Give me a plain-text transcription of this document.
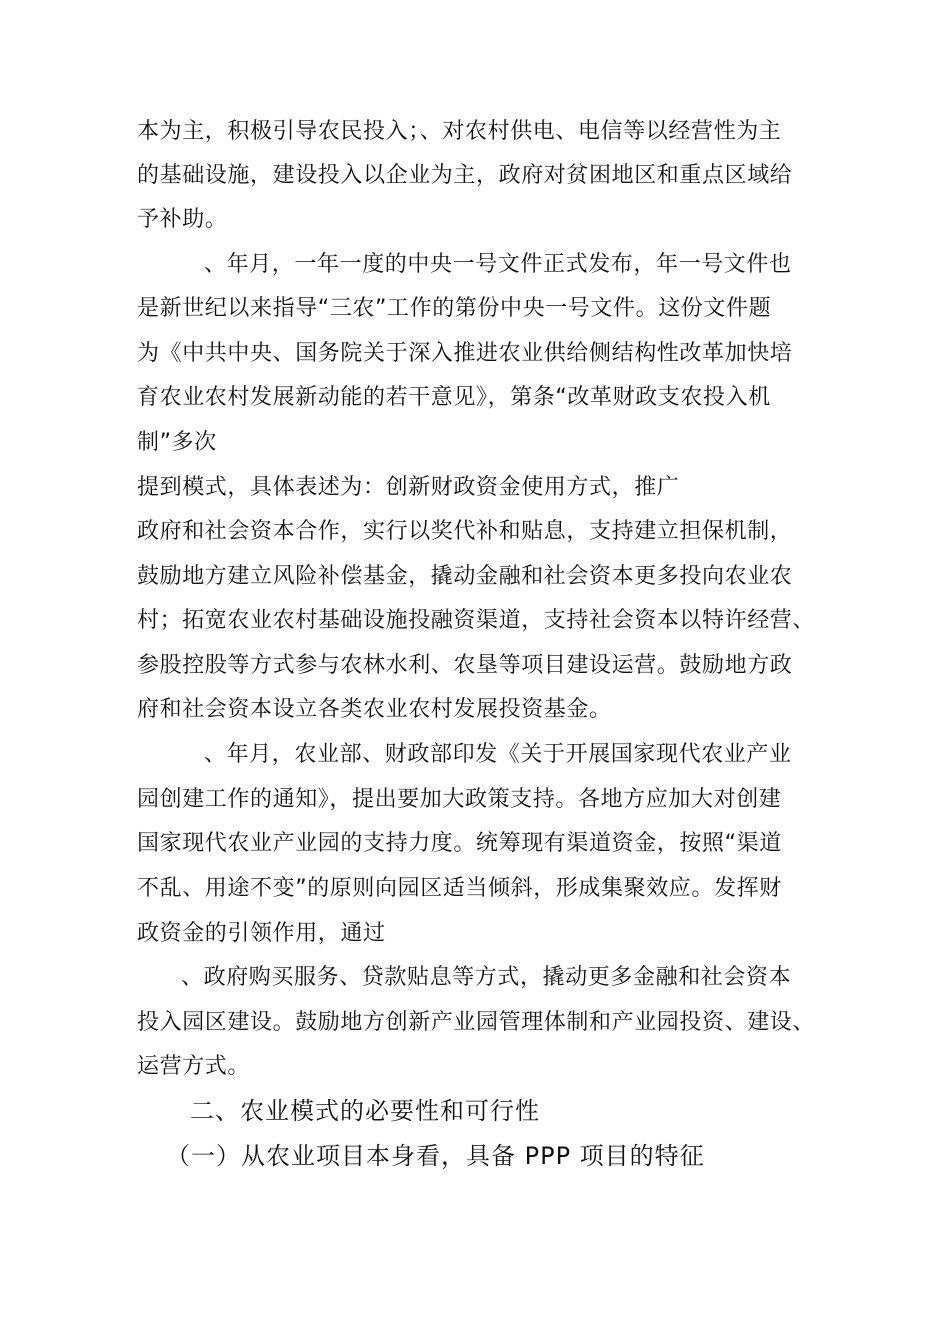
本为主，积极引导农民投入；、对农村供电、电信等以经营性为主
的基础设施，建设投入以企业为主，政府对贫困地区和重点区域给
予补助。
、年月，一年一度的中央一号文件正式发布，年一号文件也
是新世纪以来指导“三农”工作的第份中央一号文件。这份文件题
为《中共中央、国务院关于深入推进农业供给侧结构性改革加快培
育农业农村发展新动能的若干意见》，第条“改革财政支农投入机
制”多次
提到模式，具体表述为：创新财政资金使用方式，推广
政府和社会资本合作，实行以奖代补和贴息，支持建立担保机制，
鼓励地方建立风险补偿基金，撬动金融和社会资本更多投向农业农
村；拓宽农业农村基础设施投融资渠道，支持社会资本以特许经营、
参股控股等方式参与农林水利、农垦等项目建设运营。鼓励地方政
府和社会资本设立各类农业农村发展投资基金。
、年月，农业部、财政部印发《关于开展国家现代农业产业
园创建工作的通知》，提出要加大政策支持。各地方应加大对创建
国家现代农业产业园的支持力度。统筹现有渠道资金，按照“渠道
不乱、用途不变”的原则向园区适当倾斜，形成集聚效应。发挥财
政资金的引领作用，通过
、政府购买服务、贷款贴息等方式，撬动更多金融和社会资本
投入园区建设。鼓励地方创新产业园管理体制和产业园投资、建设、
运营方式。
二、农业模式的必要性和可行性
（一）从农业项目本身看，具备 PPP 项目的特征
